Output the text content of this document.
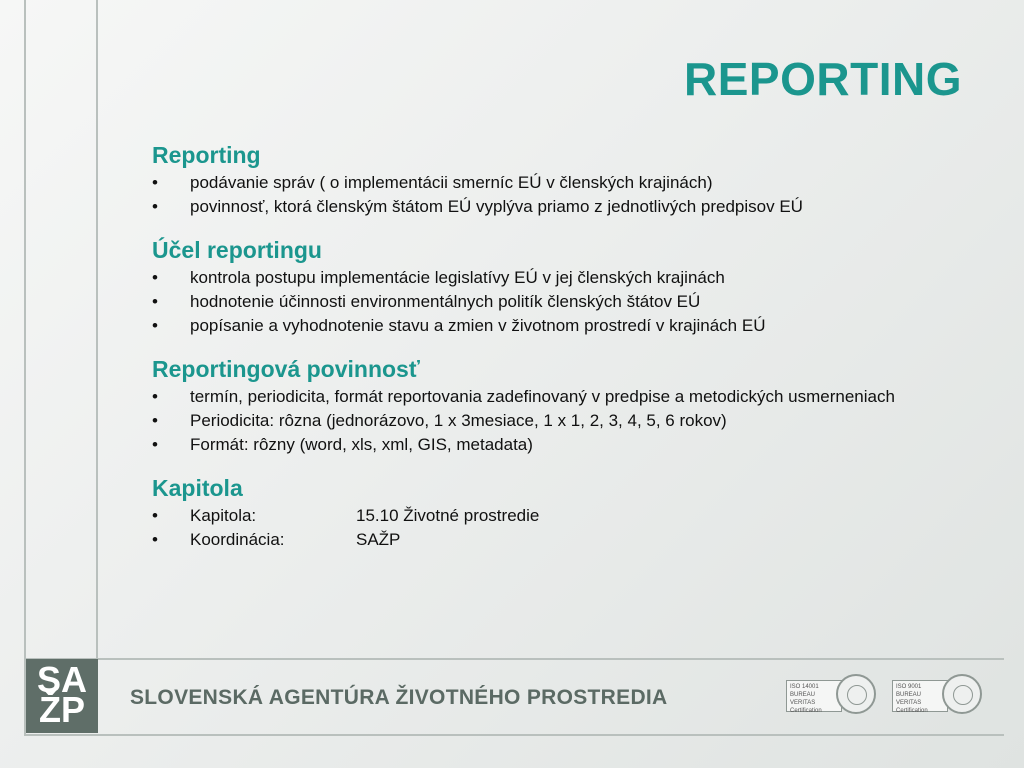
REPORTING
Reporting
• podávanie správ ( o implementácii smerníc EÚ v členských krajinách)
• povinnosť, ktorá členským štátom EÚ vyplýva priamo z jednotlivých predpisov EÚ
Účel reportingu
• kontrola postupu implementácie legislatívy EÚ v jej členských krajinách
• hodnotenie účinnosti environmentálnych politík členských štátov EÚ
• popísanie a vyhodnotenie stavu a zmien v životnom prostredí v krajinách EÚ
Reportingová povinnosť
• termín, periodicita, formát reportovania zadefinovaný v predpise a metodických usmerneniach
• Periodicita: rôzna (jednorázovo, 1 x 3mesiace, 1 x 1, 2, 3, 4, 5, 6 rokov)
• Formát: rôzny (word, xls, xml, GIS, metadata)
Kapitola
• Kapitola:	15.10 Životné prostredie
• Koordinácia:	SAŽP
SA
ŽP	SLOVENSKÁ AGENTÚRA ŽIVOTNÉHO PROSTREDIA	ISO 14001
BUREAU VERITAS
Certification
ISO 9001
BUREAU VERITAS
Certification
